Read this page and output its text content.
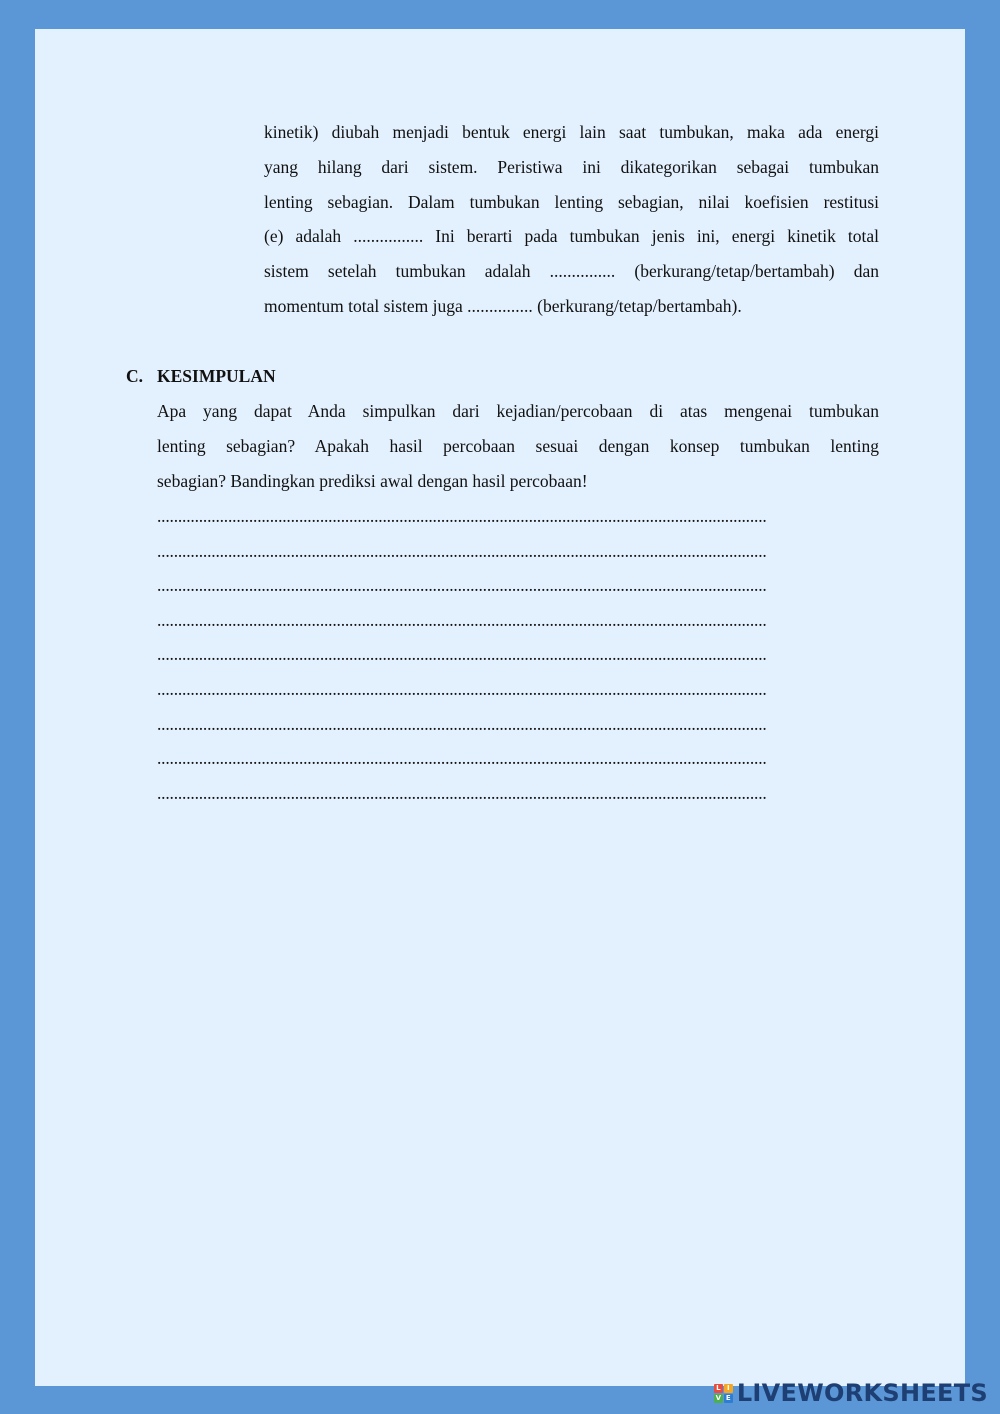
kinetik) diubah menjadi bentuk energi lain saat tumbukan, maka ada energi
yang hilang dari sistem. Peristiwa ini dikategorikan sebagai tumbukan
lenting sebagian. Dalam tumbukan lenting sebagian, nilai koefisien restitusi
(e) adalah ................ Ini berarti pada tumbukan jenis ini, energi kinetik total
sistem setelah tumbukan adalah ............... (berkurang/tetap/bertambah) dan
momentum total sistem juga ............... (berkurang/tetap/bertambah).
C. KESIMPULAN
Apa yang dapat Anda simpulkan dari kejadian/percobaan di atas mengenai tumbukan
lenting sebagian? Apakah hasil percobaan sesuai dengan konsep tumbukan lenting
sebagian? Bandingkan prediksi awal dengan hasil percobaan!
..................................................................................................................................................
..................................................................................................................................................
..................................................................................................................................................
..................................................................................................................................................
..................................................................................................................................................
..................................................................................................................................................
..................................................................................................................................................
..................................................................................................................................................
..................................................................................................................................................
L I
V E LIVEWORKSHEETS
